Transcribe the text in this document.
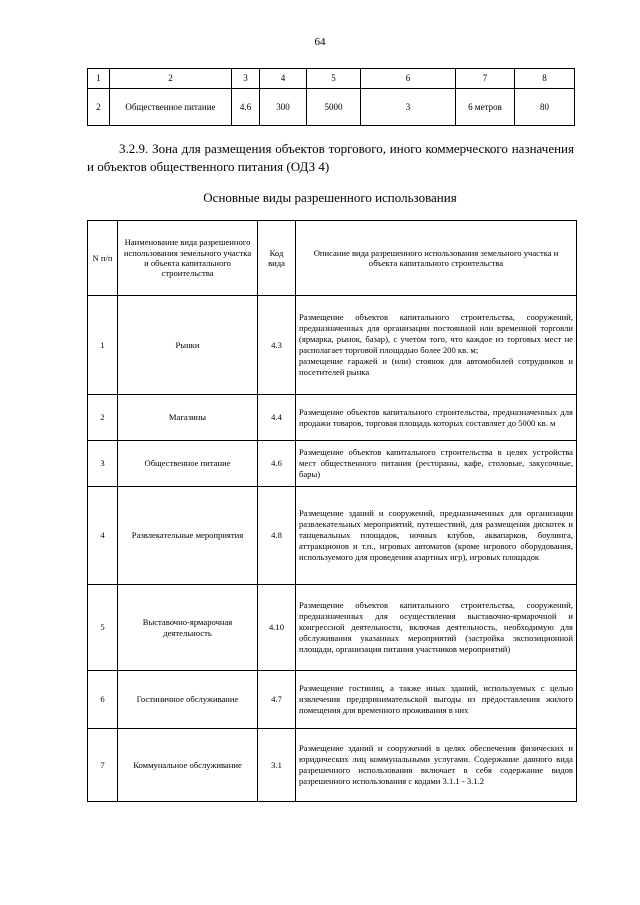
64
1	2	3	4	5	6	7	8
2	Общественное питание	4.6	300	5000	3	6 метров	80

3.2.9. Зона для размещения объектов торгового, иного коммерческого назначения и объектов общественного питания (ОДЗ 4)

Основные виды разрешенного использования

N п/п	Наименование вида разрешенного использования земельного участка и объекта капитального строительства	Код вида	Описание вида разрешенного использования земельного участка и объекта капитального строительства
1	Рынки	4.3	Размещение объектов капитального строительства, сооружений, предназначенных для организации постоянной или временной торговли (ярмарка, рынок, базар), с учетом того, что каждое из торговых мест не располагает торговой площадью более 200 кв. м;
размещение гаражей и (или) стоянок для автомобилей сотрудников и посетителей рынка

2	Магазины	4.4	Размещение объектов капитального строительства, предназначенных для продажи товаров, торговая площадь которых составляет до 5000 кв. м
3	Общественное питание	4.6	Размещение объектов капитального строительства в целях устройства мест общественного питания (рестораны, кафе, столовые, закусочные, бары)
4	Развлекательные мероприятия	4.8	Размещение зданий и сооружений, предназначенных для организации развлекательных мероприятий, путешествий, для размещения дискотек и танцевальных площадок, ночных клубов, аквапарков, боулинга, аттракционов и т.п., игровых автоматов (кроме игрового оборудования, используемого для проведения азартных игр), игровых площадок
5	Выставочно-ярмарочная деятельность	4.10	Размещение объектов капитального строительства, сооружений, предназначенных для осуществления выставочно-ярмарочной и конгрессной деятельности, включая деятельность, необходимую для обслуживания указанных мероприятий (застройка экспозиционной площади, организация питания участников мероприятий)
6	Гостиничное обслуживание	4.7	Размещение гостиниц, а также иных зданий, используемых с целью извлечения предпринимательской выгоды из предоставления жилого помещения для временного проживания в них
7	Коммунальное обслуживание	3.1	Размещение зданий и сооружений в целях обеспечения физических и юридических лиц коммунальными услугами. Содержание данного вида разрешенного использования включает в себя содержание видов разрешенного использования с кодами 3.1.1 - 3.1.2
